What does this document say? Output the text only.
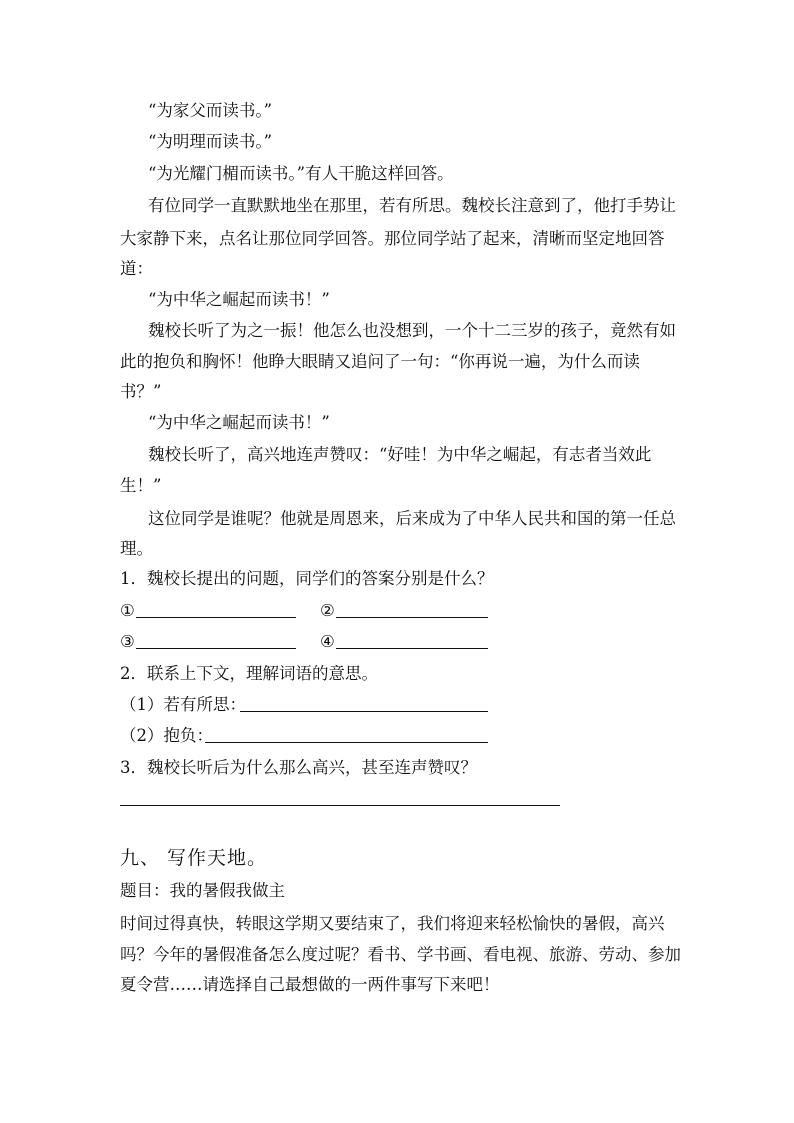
“为家父而读书。”
“为明理而读书。”
“为光耀门楣而读书。”有人干脆这样回答。
有位同学一直默默地坐在那里，若有所思。魏校长注意到了，他打手势让
大家静下来，点名让那位同学回答。那位同学站了起来，清晰而坚定地回答
道：
“为中华之崛起而读书！”
魏校长听了为之一振！他怎么也没想到，一个十二三岁的孩子，竟然有如
此的抱负和胸怀！他睁大眼睛又追问了一句：“你再说一遍，为什么而读
书？”
“为中华之崛起而读书！”
魏校长听了，高兴地连声赞叹：“好哇！为中华之崛起，有志者当效此
生！”
这位同学是谁呢？他就是周恩来，后来成为了中华人民共和国的第一任总
理。
1．魏校长提出的问题，同学们的答案分别是什么？
①	②
③	④
2．联系上下文，理解词语的意思。
（1）若有所思：
（2）抱负：
3．魏校长听后为什么那么高兴，甚至连声赞叹？
九、 写作天地。
题目：我的暑假我做主
时间过得真快，转眼这学期又要结束了，我们将迎来轻松愉快的暑假，高兴
吗？今年的暑假准备怎么度过呢？看书、学书画、看电视、旅游、劳动、参加
夏令营……请选择自己最想做的一两件事写下来吧！
